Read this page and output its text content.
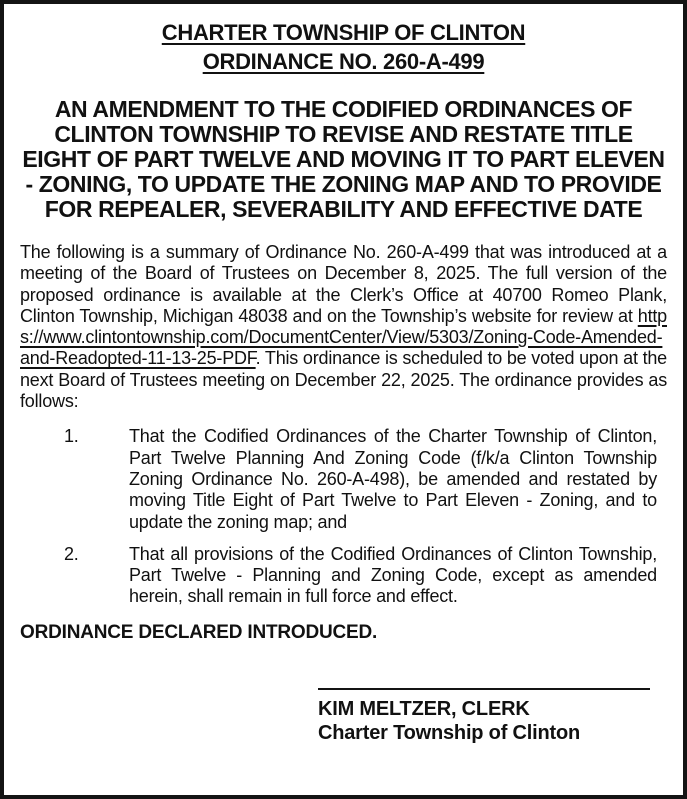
CHARTER TOWNSHIP OF CLINTON
ORDINANCE NO. 260-A-499
AN AMENDMENT TO THE CODIFIED ORDINANCES OF CLINTON TOWNSHIP TO REVISE AND RESTATE TITLE EIGHT OF PART TWELVE AND MOVING IT TO PART ELEVEN - ZONING, TO UPDATE THE ZONING MAP AND TO PROVIDE FOR REPEALER, SEVERABILITY AND EFFECTIVE DATE

The following is a summary of Ordinance No. 260-A-499 that was introduced at a meeting of the Board of Trustees on December 8, 2025. The full version of the proposed ordinance is available at the Clerk’s Office at 40700 Romeo Plank, Clinton Township, Michigan 48038 and on the Township’s website for review at https://www.clintontownship.com/DocumentCenter/View/5303/Zoning-Code-Amended-and-Readopted-11-13-25-PDF. This ordinance is scheduled to be voted upon at the next Board of Trustees meeting on December 22, 2025. The ordinance provides as follows:

1.	That the Codified Ordinances of the Charter Township of Clinton, Part Twelve Planning And Zoning Code (f/k/a Clinton Township Zoning Ordinance No. 260-A-498), be amended and restated by moving Title Eight of Part Twelve to Part Eleven - Zoning, and to update the zoning map; and
2.	That all provisions of the Codified Ordinances of Clinton Township, Part Twelve - Planning and Zoning Code, except as amended herein, shall remain in full force and effect.
ORDINANCE DECLARED INTRODUCED.
KIM MELTZER, CLERK
Charter Township of Clinton
